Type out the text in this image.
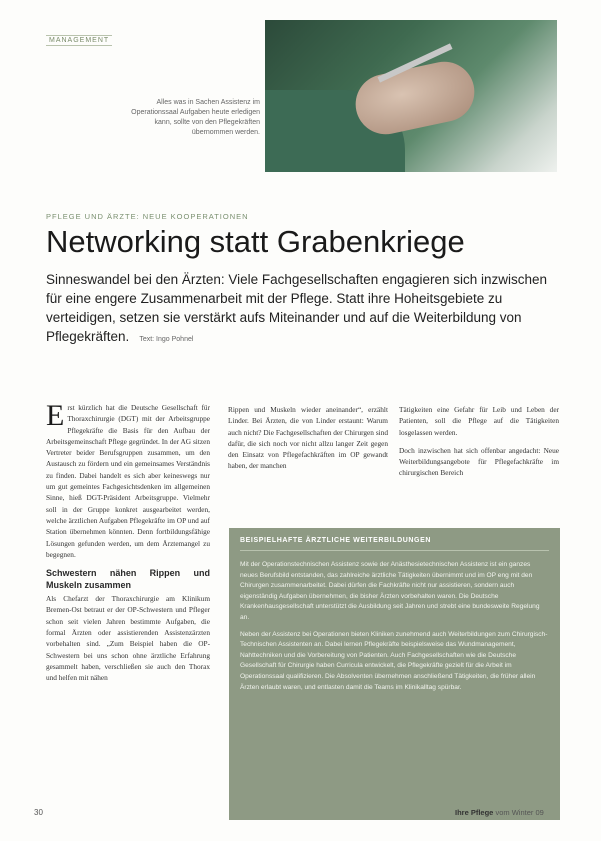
MANAGEMENT
Alles was in Sachen Assistenz im Operationssaal Aufgaben heute erledigen kann, sollte von den Pflegekräften übernommen werden.
PFLEGE UND ÄRZTE: NEUE KOOPERATIONEN
Networking statt Grabenkriege
Sinneswandel bei den Ärzten: Viele Fachgesellschaften engagieren sich inzwischen für eine engere Zusammenarbeit mit der Pflege. Statt ihre Hoheitsgebiete zu verteidigen, setzen sie verstärkt aufs Miteinander und auf die Weiterbildung von Pflegekräften. Text: Ingo Pohnel

Erst kürzlich hat die Deutsche Gesellschaft für Thoraxchirurgie (DGT) mit der Arbeitsgruppe Pflegekräfte die Basis für den Aufbau der Arbeitsgemeinschaft Pflege gegründet. In der AG sitzen Vertreter beider Berufsgruppen zusammen, um den Austausch zu fördern und ein gemeinsames Verständnis zu finden. Dabei handelt es sich aber keineswegs nur um gut gemeintes Fachgesichtsdenken im allgemeinen Sinne, hieß DGT-Präsident Arbeitsgruppe. Vielmehr soll in der Gruppe konkret ausgearbeitet werden, welche ärztlichen Aufgaben Pflegekräfte im OP und auf Station übernehmen könnten. Denn fortbildungsfähige Lösungen gefunden werden, um dem Ärztemangel zu begegnen.

Schwestern nähen Rippen und Muskeln zusammen

Als Chefarzt der Thoraxchirurgie am Klinikum Bremen-Ost betraut er der OP-Schwestern und Pfleger schon seit vielen Jahren bestimmte Aufgaben, die formal Ärzten oder assistierenden Assistenzärzten vorbehalten sind. „Zum Beispiel haben die OP-Schwestern bei uns schon ohne ärztliche Erfahrung gesammelt haben, verschließen sie auch den Thorax und helfen mit nähen

Rippen und Muskeln wieder aneinander“, erzählt Linder. Bei Ärzten, die von Linder erstaunt: Warum auch nicht? Die Fachgesellschaften der Chirurgen sind dafür, die sich noch vor nicht allzu langer Zeit gegen den Einsatz von Pflegefachkräften im OP gewandt haben, der manchen

Tätigkeiten eine Gefahr für Leib und Leben der Patienten, soll die Pflege auf die Tätigkeiten losgelassen werden.

Doch inzwischen hat sich offenbar angedacht: Neue Weiterbildungsangebote für Pflegefachkräfte im chirurgischen Bereich

BEISPIELHAFTE ÄRZTLICHE WEITERBILDUNGEN

Mit der Operationstechnischen Assistenz sowie der Anästhesietechnischen Assistenz ist ein ganzes neues Berufsbild entstanden, das zahlreiche ärztliche Tätigkeiten übernimmt und im OP eng mit den Chirurgen zusammenarbeitet. Dabei dürfen die Fachkräfte nicht nur assistieren, sondern auch eigenständig Aufgaben übernehmen, die bisher Ärzten vorbehalten waren. Die Deutsche Krankenhausgesellschaft unterstützt die Ausbildung seit Jahren und strebt eine bundesweite Regelung an.

Neben der Assistenz bei Operationen bieten Kliniken zunehmend auch Weiterbildungen zum Chirurgisch-Technischen Assistenten an. Dabei lernen Pflegekräfte beispielsweise das Wundmanagement, Nahttechniken und die Vorbereitung von Patienten. Auch Fachgesellschaften wie die Deutsche Gesellschaft für Chirurgie haben Curricula entwickelt, die Pflegekräfte gezielt für die Arbeit im Operationssaal qualifizieren. Die Absolventen übernehmen anschließend Tätigkeiten, die früher allein Ärzten erlaubt waren, und entlasten damit die Teams im Klinikalltag spürbar.

30	Ihre Pflege vom Winter 09
